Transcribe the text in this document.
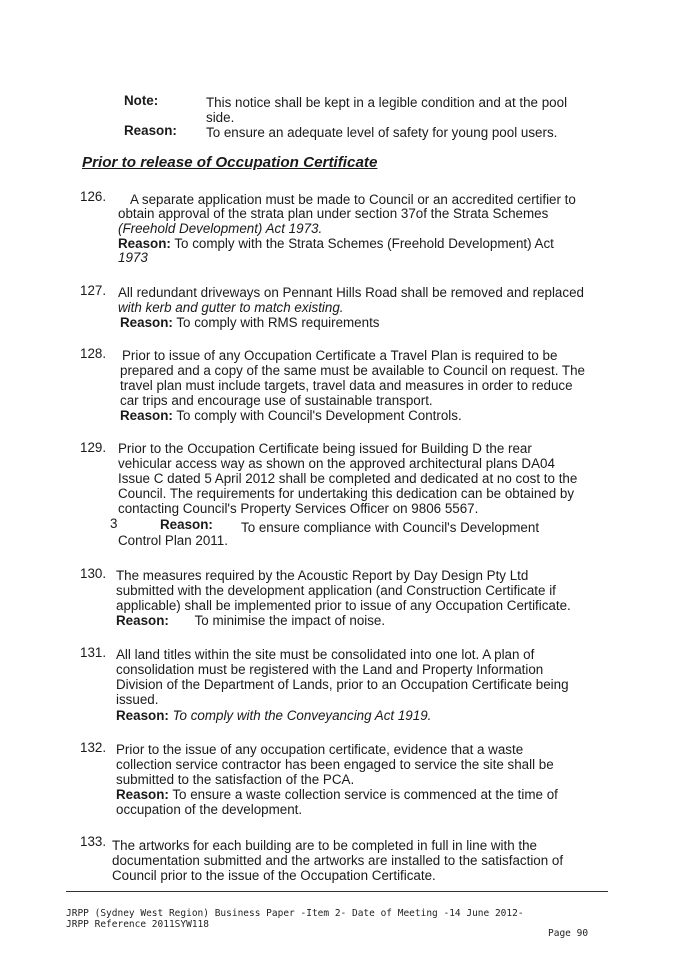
Note:	This notice shall be kept in a legible condition and at the pool
side.
Reason: To ensure an adequate level of safety for young pool users.
Prior to release of Occupation Certificate
126. A separate application must be made to Council or an accredited certifier to
obtain approval of the strata plan under section 37of the Strata Schemes
(Freehold Development) Act 1973.
Reason: To comply with the Strata Schemes (Freehold Development) Act
1973
127. All redundant driveways on Pennant Hills Road shall be removed and replaced
with kerb and gutter to match existing.
Reason: To comply with RMS requirements
128. Prior to issue of any Occupation Certificate a Travel Plan is required to be
prepared and a copy of the same must be available to Council on request. The
travel plan must include targets, travel data and measures in order to reduce
car trips and encourage use of sustainable transport.
Reason: To comply with Council's Development Controls.
129. Prior to the Occupation Certificate being issued for Building D the rear
vehicular access way as shown on the approved architectural plans DA04
Issue C dated 5 April 2012 shall be completed and dedicated at no cost to the
Council. The requirements for undertaking this dedication can be obtained by
contacting Council's Property Services Officer on 9806 5567.
3	Reason: To ensure compliance with Council's Development
Control Plan 2011.
130. The measures required by the Acoustic Report by Day Design Pty Ltd
submitted with the development application (and Construction Certificate if
applicable) shall be implemented prior to issue of any Occupation Certificate.
Reason: To minimise the impact of noise.
131. All land titles within the site must be consolidated into one lot. A plan of
consolidation must be registered with the Land and Property Information
Division of the Department of Lands, prior to an Occupation Certificate being
issued.
Reason: To comply with the Conveyancing Act 1919.
132. Prior to the issue of any occupation certificate, evidence that a waste
collection service contractor has been engaged to service the site shall be
submitted to the satisfaction of the PCA.
Reason: To ensure a waste collection service is commenced at the time of
occupation of the development.
133. The artworks for each building are to be completed in full in line with the
documentation submitted and the artworks are installed to the satisfaction of
Council prior to the issue of the Occupation Certificate.
JRPP (Sydney West Region) Business Paper -Item 2- Date of Meeting -14 June 2012-
JRPP Reference 2011SYW118
Page 90
